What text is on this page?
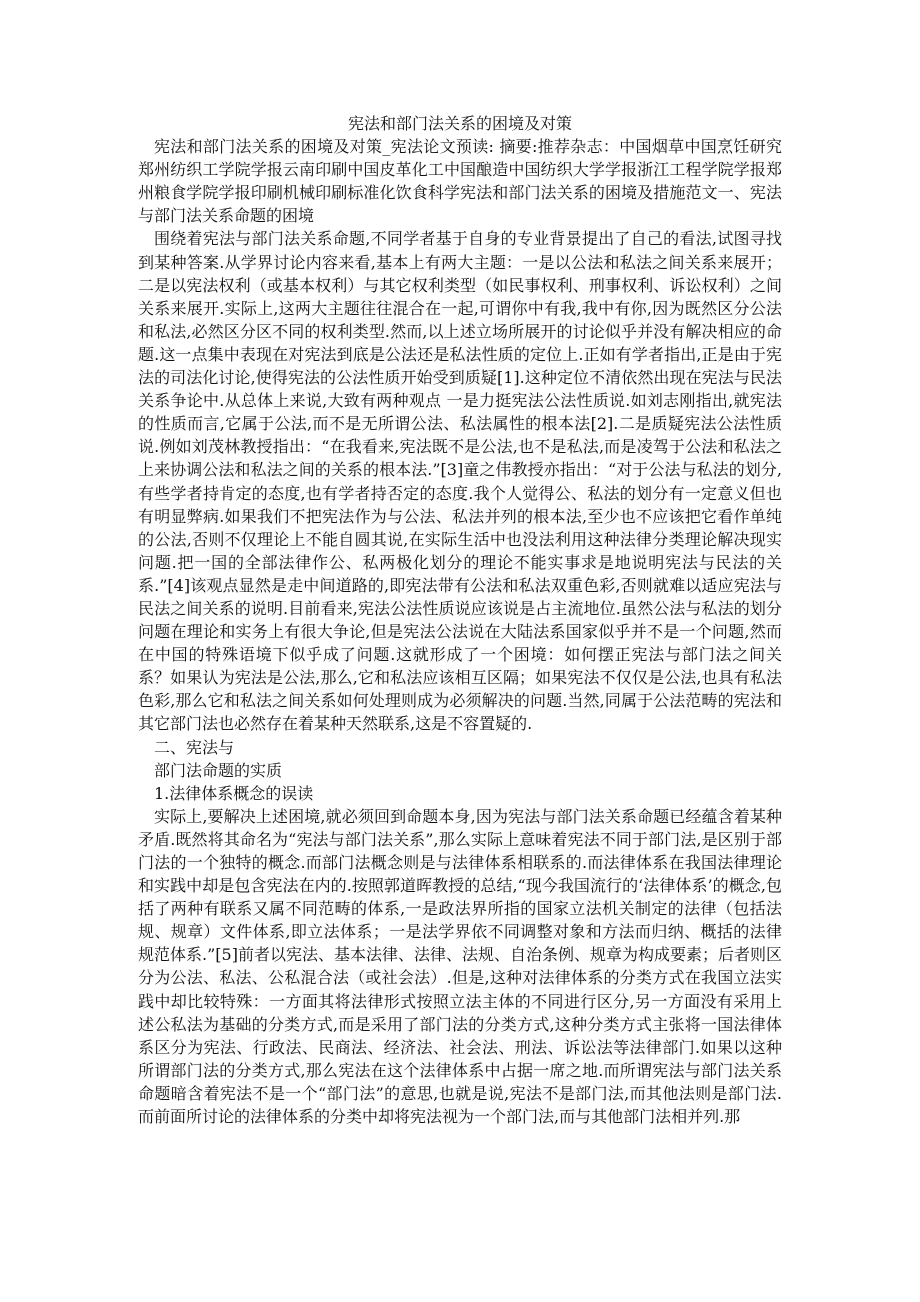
宪法和部门法关系的困境及对策

宪法和部门法关系的困境及对策_宪法论文预读: 摘要:推荐杂志：中国烟草中国烹饪研究郑州纺织工学院学报云南印刷中国皮革化工中国酿造中国纺织大学学报浙江工程学院学报郑州粮食学院学报印刷机械印刷标准化饮食科学宪法和部门法关系的困境及措施范文一、宪法与部门法关系命题的困境

围绕着宪法与部门法关系命题,不同学者基于自身的专业背景提出了自己的看法,试图寻找到某种答案.从学界讨论内容来看,基本上有两大主题：一是以公法和私法之间关系来展开；二是以宪法权利（或基本权利）与其它权利类型（如民事权利、刑事权利、诉讼权利）之间关系来展开.实际上,这两大主题往往混合在一起,可谓你中有我,我中有你,因为既然区分公法和私法,必然区分区不同的权利类型.然而,以上述立场所展开的讨论似乎并没有解决相应的命题.这一点集中表现在对宪法到底是公法还是私法性质的定位上.正如有学者指出,正是由于宪法的司法化讨论,使得宪法的公法性质开始受到质疑[1].这种定位不清依然出现在宪法与民法关系争论中.从总体上来说,大致有两种观点 一是力挺宪法公法性质说.如刘志刚指出,就宪法的性质而言,它属于公法,而不是无所谓公法、私法属性的根本法[2].二是质疑宪法公法性质说.例如刘茂林教授指出：“在我看来,宪法既不是公法,也不是私法,而是凌驾于公法和私法之上来协调公法和私法之间的关系的根本法.”[3]童之伟教授亦指出：“对于公法与私法的划分,有些学者持肯定的态度,也有学者持否定的态度.我个人觉得公、私法的划分有一定意义但也有明显弊病.如果我们不把宪法作为与公法、私法并列的根本法,至少也不应该把它看作单纯的公法,否则不仅理论上不能自圆其说,在实际生活中也没法利用这种法律分类理论解决现实问题.把一国的全部法律作公、私两极化划分的理论不能实事求是地说明宪法与民法的关系.”[4]该观点显然是走中间道路的,即宪法带有公法和私法双重色彩,否则就难以适应宪法与民法之间关系的说明.目前看来,宪法公法性质说应该说是占主流地位.虽然公法与私法的划分问题在理论和实务上有很大争论,但是宪法公法说在大陆法系国家似乎并不是一个问题,然而在中国的特殊语境下似乎成了问题.这就形成了一个困境：如何摆正宪法与部门法之间关系？如果认为宪法是公法,那么,它和私法应该相互区隔；如果宪法不仅仅是公法,也具有私法色彩,那么它和私法之间关系如何处理则成为必须解决的问题.当然,同属于公法范畴的宪法和其它部门法也必然存在着某种天然联系,这是不容置疑的.

二、宪法与

部门法命题的实质

1.法律体系概念的误读

实际上,要解决上述困境,就必须回到命题本身,因为宪法与部门法关系命题已经蕴含着某种矛盾.既然将其命名为“宪法与部门法关系”,那么实际上意味着宪法不同于部门法,是区别于部门法的一个独特的概念.而部门法概念则是与法律体系相联系的.而法律体系在我国法律理论和实践中却是包含宪法在内的.按照郭道晖教授的总结,“现今我国流行的‘法律体系’的概念,包括了两种有联系又属不同范畴的体系,一是政法界所指的国家立法机关制定的法律（包括法规、规章）文件体系,即立法体系；一是法学界依不同调整对象和方法而归纳、概括的法律规范体系.”[5]前者以宪法、基本法律、法律、法规、自治条例、规章为构成要素；后者则区分为公法、私法、公私混合法（或社会法）.但是,这种对法律体系的分类方式在我国立法实践中却比较特殊：一方面其将法律形式按照立法主体的不同进行区分,另一方面没有采用上述公私法为基础的分类方式,而是采用了部门法的分类方式,这种分类方式主张将一国法律体系区分为宪法、行政法、民商法、经济法、社会法、刑法、诉讼法等法律部门.如果以这种所谓部门法的分类方式,那么宪法在这个法律体系中占据一席之地.而所谓宪法与部门法关系命题暗含着宪法不是一个“部门法”的意思,也就是说,宪法不是部门法,而其他法则是部门法.而前面所讨论的法律体系的分类中却将宪法视为一个部门法,而与其他部门法相并列.那
